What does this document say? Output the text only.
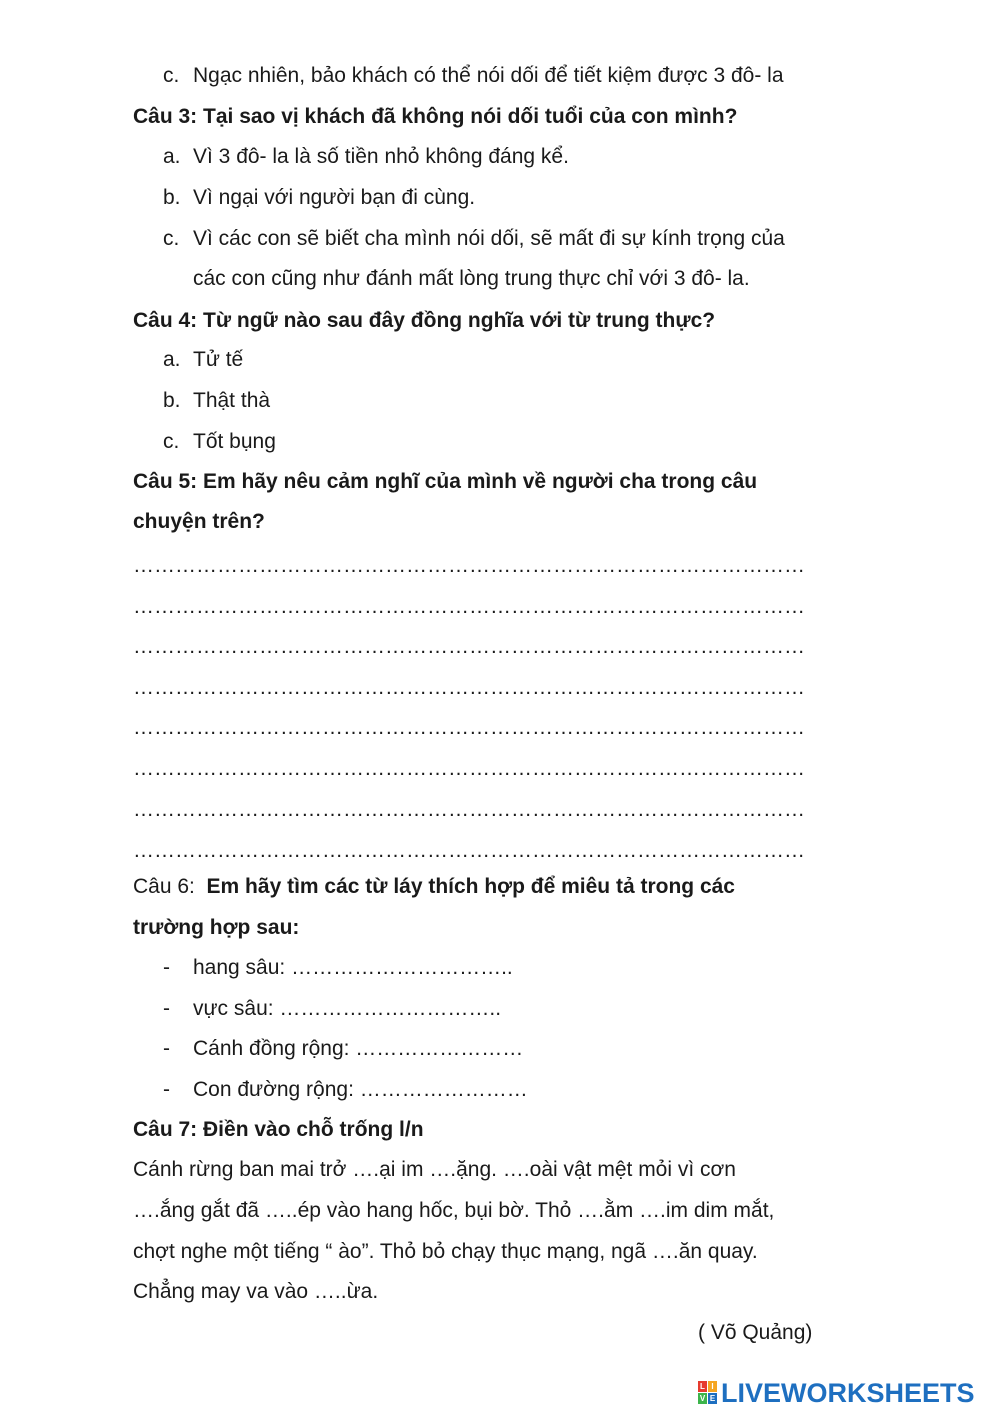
c. Ngạc nhiên, bảo khách có thể nói dối để tiết kiệm được 3 đô- la
Câu 3: Tại sao vị khách đã không nói dối tuổi của con mình?
a. Vì 3 đô- la là số tiền nhỏ không đáng kể.
b. Vì ngại với người bạn đi cùng.
c. Vì các con sẽ biết cha mình nói dối, sẽ mất đi sự kính trọng của
các con cũng như đánh mất lòng trung thực chỉ với 3 đô- la.
Câu 4: Từ ngữ nào sau đây đồng nghĩa với từ trung thực?
a. Tử tế
b. Thật thà
c. Tốt bụng
Câu 5: Em hãy nêu cảm nghĩ của mình về người cha trong câu
chuyện trên?
……………………………………………………………………………………
……………………………………………………………………………………
……………………………………………………………………………………
……………………………………………………………………………………
……………………………………………………………………………………
……………………………………………………………………………………
……………………………………………………………………………………
……………………………………………………………………………………
Câu 6: Em hãy tìm các từ láy thích hợp để miêu tả trong các
trường hợp sau:
- hang sâu: …………………………..
- vực sâu: …………………………..
- Cánh đồng rộng: ……………………
- Con đường rộng: ……………………
Câu 7: Điền vào chỗ trống l/n
Cánh rừng ban mai trở ….ại im ….ặng. ….oài vật mệt mỏi vì cơn
….ắng gắt đã …..ép vào hang hốc, bụi bờ. Thỏ ….ằm ….im dim mắt,
chợt nghe một tiếng “ ào”. Thỏ bỏ chạy thục mạng, ngã ….ăn quay.
Chẳng may va vào …..ừa.
( Võ Quảng)
L I
V E LIVEWORKSHEETS
